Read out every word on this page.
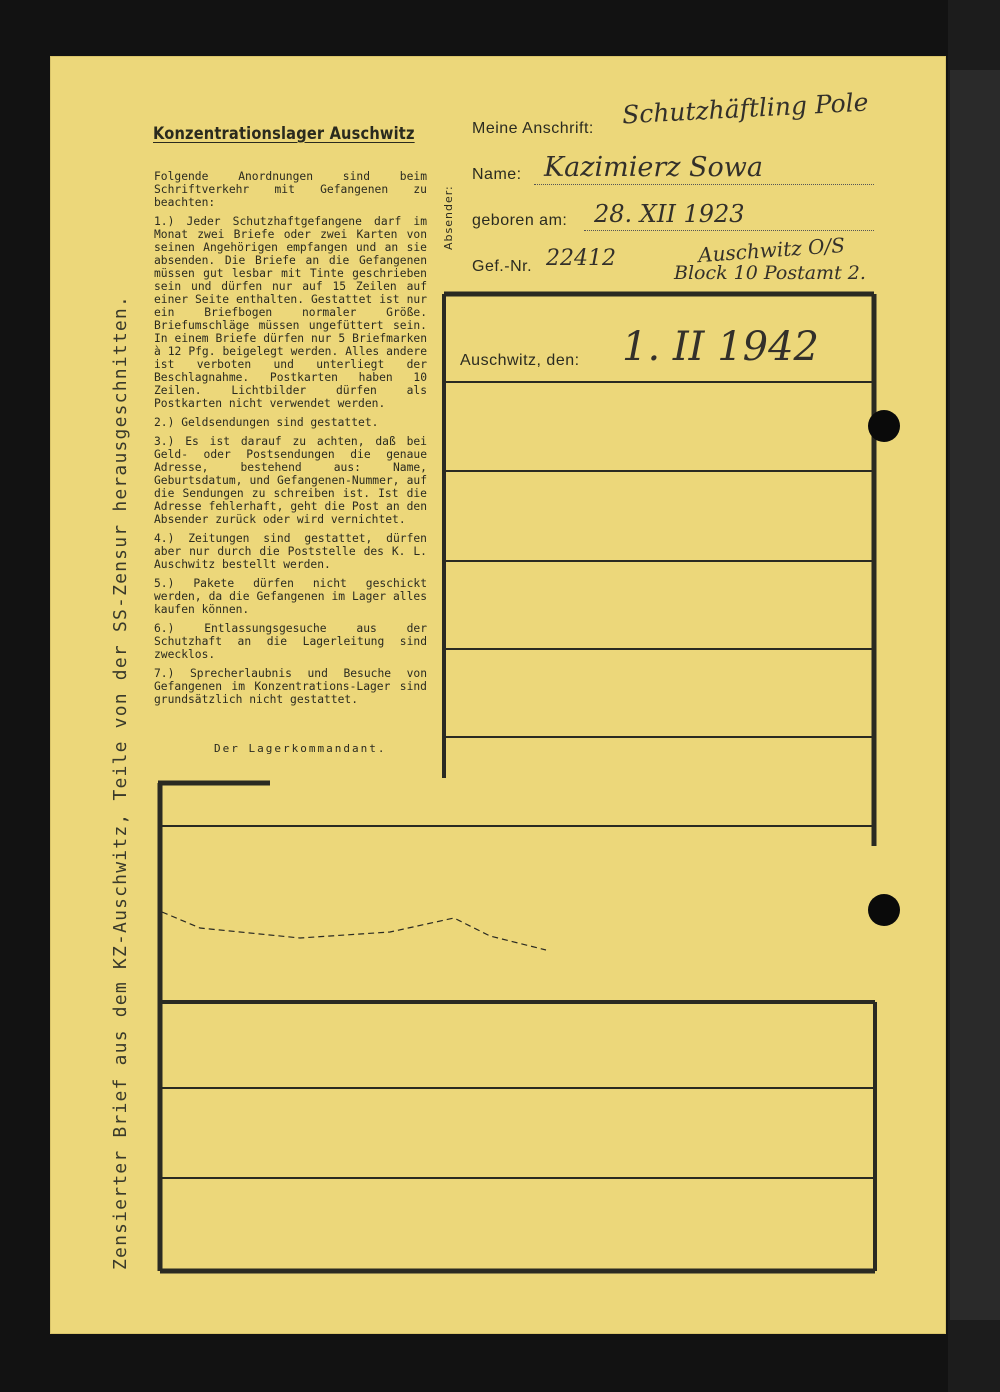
Konzentrationslager Auschwitz

Folgende Anordnungen sind beim Schriftverkehr mit Gefangenen zu beachten:

1.) Jeder Schutzhaftgefangene darf im Monat zwei Briefe oder zwei Karten von seinen Angehörigen empfangen und an sie absenden. Die Briefe an die Gefangenen müssen gut lesbar mit Tinte geschrieben sein und dürfen nur auf 15 Zeilen auf einer Seite enthalten. Gestattet ist nur ein Briefbogen normaler Größe. Briefumschläge müssen ungefüttert sein. In einem Briefe dürfen nur 5 Briefmarken à 12 Pfg. beigelegt werden. Alles andere ist verboten und unterliegt der Beschlagnahme. Postkarten haben 10 Zeilen. Lichtbilder dürfen als Postkarten nicht verwendet werden.

2.) Geldsendungen sind gestattet.

3.) Es ist darauf zu achten, daß bei Geld- oder Postsendungen die genaue Adresse, bestehend aus: Name, Geburtsdatum, und Gefangenen-Nummer, auf die Sendungen zu schreiben ist. Ist die Adresse fehlerhaft, geht die Post an den Absender zurück oder wird vernichtet.

4.) Zeitungen sind gestattet, dürfen aber nur durch die Poststelle des K. L. Auschwitz bestellt werden.

5.) Pakete dürfen nicht geschickt werden, da die Gefangenen im Lager alles kaufen können.

6.) Entlassungsgesuche aus der Schutzhaft an die Lagerleitung sind zwecklos.

7.) Sprecherlaubnis und Besuche von Gefangenen im Konzentrations-Lager sind grundsätzlich nicht gestattet.

Der Lagerkommandant.
Zensierter Brief aus dem KZ-Auschwitz, Teile von der SS-Zensur herausgeschnitten.
Absender:
Meine Anschrift: Schutzhäftling Pole
Name: Kazimierz Sowa
geboren am: 28. XII 1923
Gef.-Nr. 22412	Auschwitz O/S
Block 10 Postamt 2.
Auschwitz, den: 1. II 1942
